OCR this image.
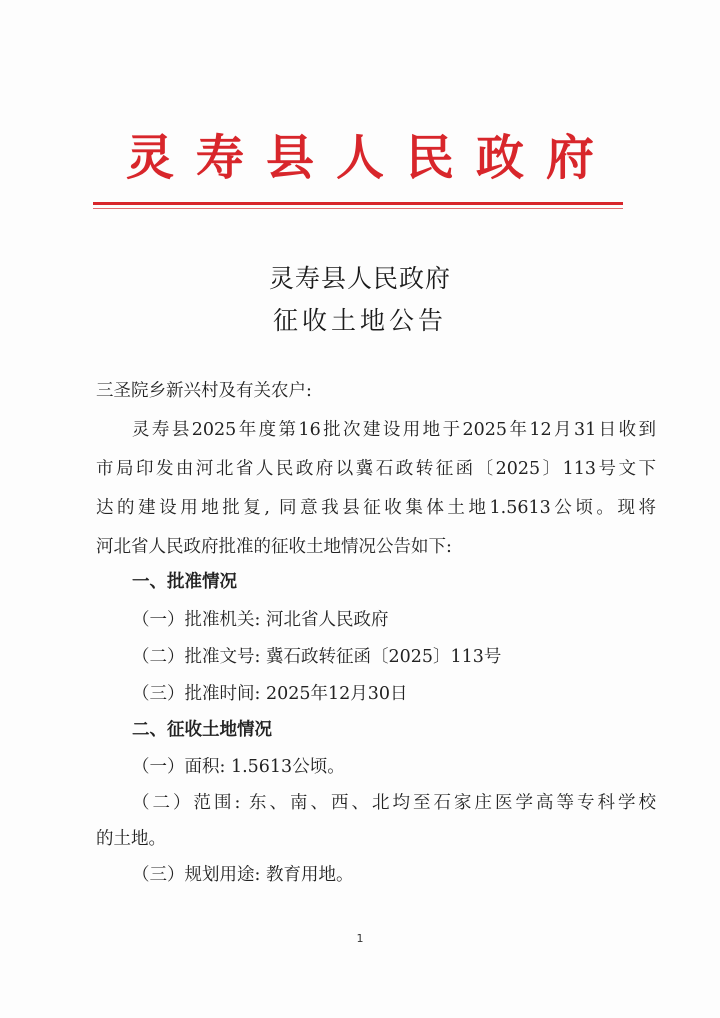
灵寿县人民政府
灵寿县人民政府
征收土地公告
三圣院乡新兴村及有关农户:
灵寿县2025年度第16批次建设用地于2025年12月31日收到
市局印发由河北省人民政府以冀石政转征函〔2025〕113号文下
达的建设用地批复, 同意我县征收集体土地1.5613公顷。现将
河北省人民政府批准的征收土地情况公告如下:
一、批准情况
（一）批准机关: 河北省人民政府
（二）批准文号: 冀石政转征函〔2025〕113号
（三）批准时间: 2025年12月30日
二、征收土地情况
（一）面积: 1.5613公顷。
（二）范围: 东、南、西、北均至石家庄医学高等专科学校
的土地。
（三）规划用途: 教育用地。
1
